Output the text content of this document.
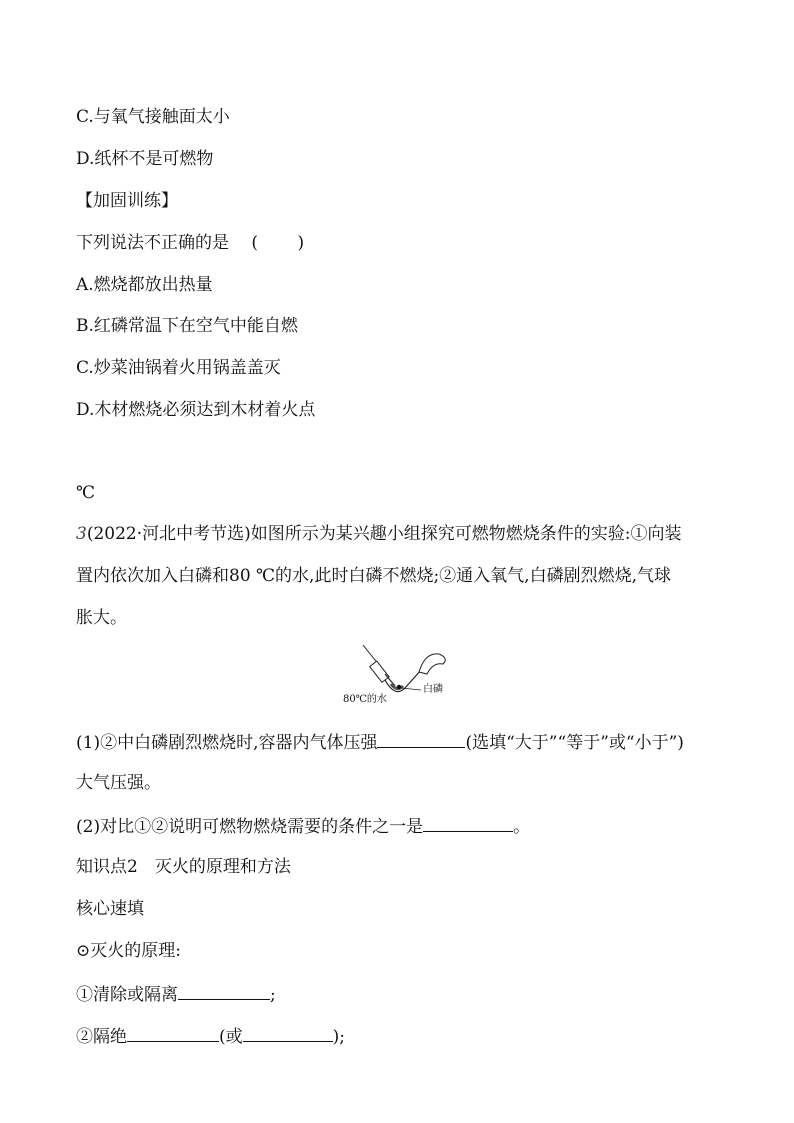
C.与氧气接触面太小
D.纸杯不是可燃物
【加固训练】
下列说法不正确的是　 (　　 )
A.燃烧都放出热量
B.红磷常温下在空气中能自燃
C.炒菜油锅着火用锅盖盖灭
D.木材燃烧必须达到木材着火点
℃
3(2022·河北中考节选)如图所示为某兴趣小组探究可燃物燃烧条件的实验:①向装
置内依次加入白磷和80 ℃的水,此时白磷不燃烧;②通入氧气,白磷剧烈燃烧,气球
胀大。
80℃的水
白磷
(1)②中白磷剧烈燃烧时,容器内气体压强	(选填“大于”“等于”或“小于”)
大气压强。
(2)对比①②说明可燃物燃烧需要的条件之一是	。
知识点2　灭火的原理和方法
核心速填
⊙灭火的原理:
①清除或隔离	;
②隔绝	(或	);
